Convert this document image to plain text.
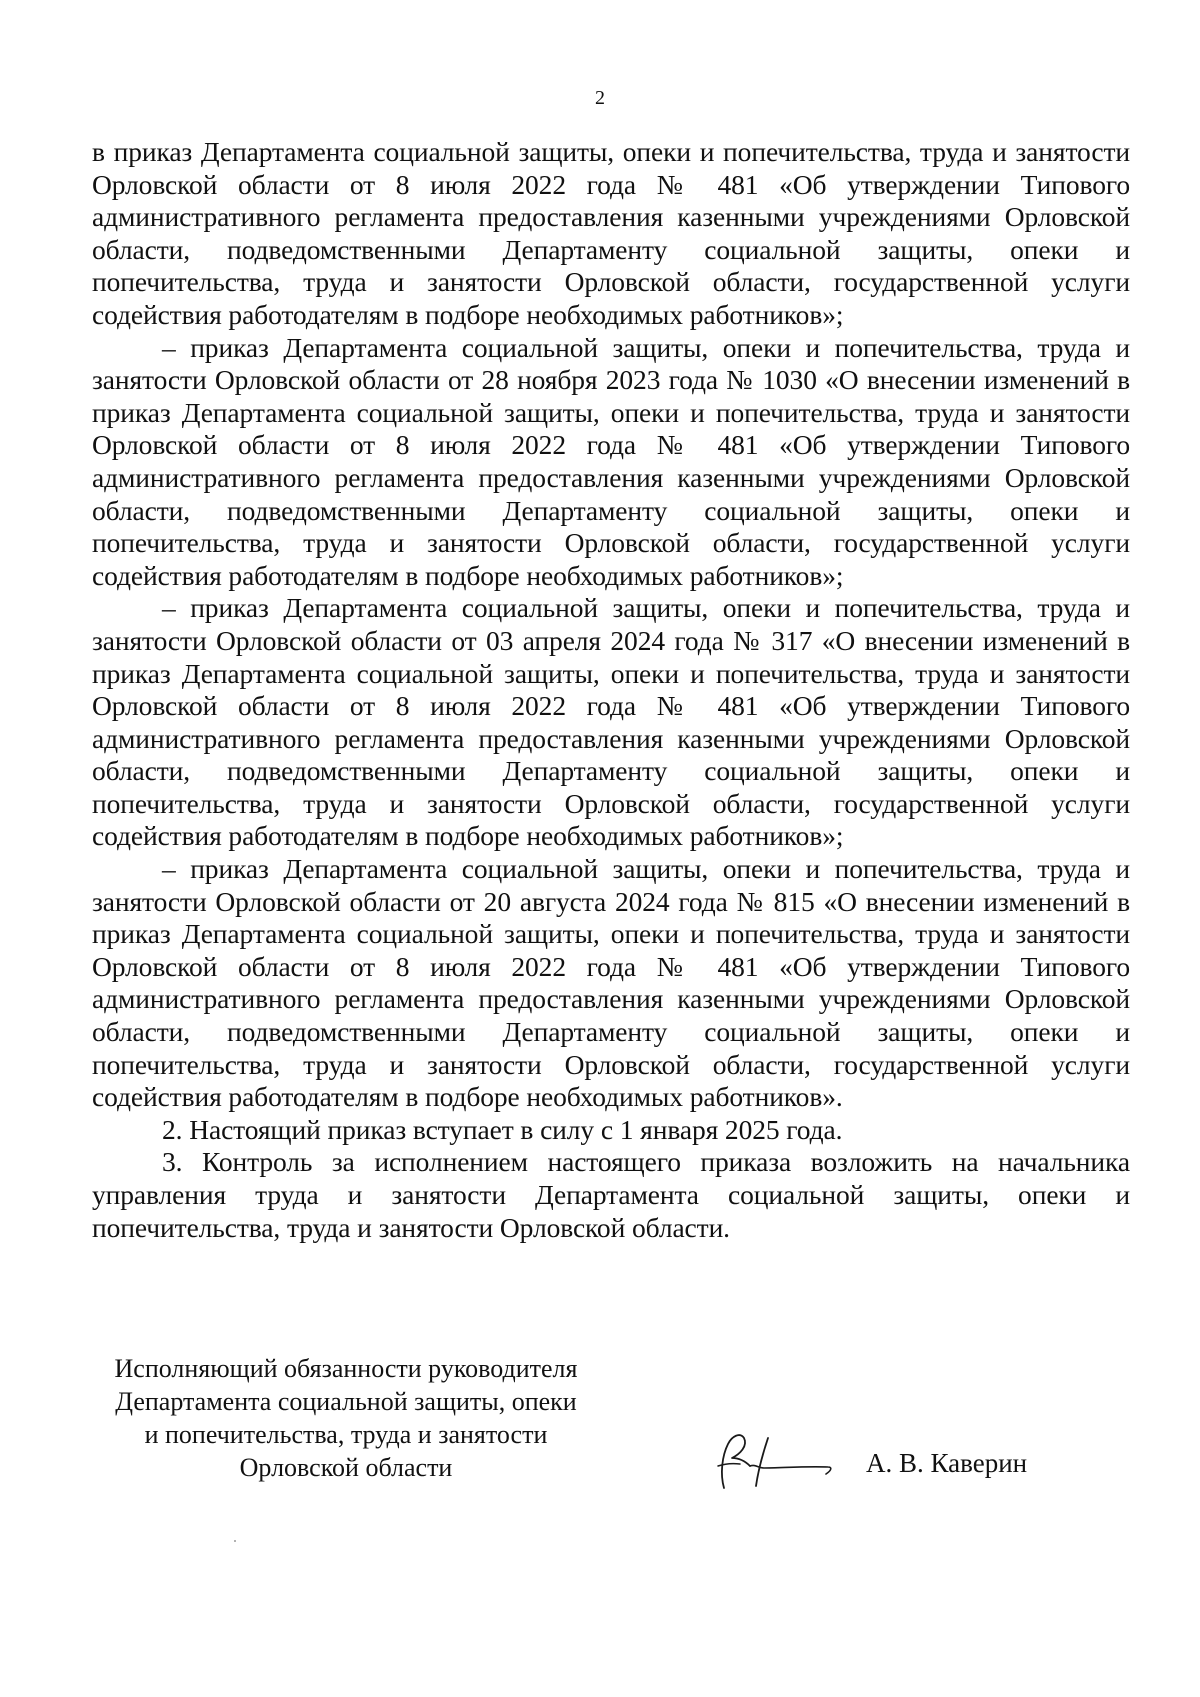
2

в приказ Департамента социальной защиты, опеки и попечительства, труда и занятости Орловской области от 8 июля 2022 года № 481 «Об утверждении Типового административного регламента предоставления казенными учреждениями Орловской области, подведомственными Департаменту социальной защиты, опеки и попечительства, труда и занятости Орловской области, государственной услуги содействия работодателям в подборе необходимых работников»;

– приказ Департамента социальной защиты, опеки и попечительства, труда и занятости Орловской области от 28 ноября 2023 года № 1030 «О внесении изменений в приказ Департамента социальной защиты, опеки и попечительства, труда и занятости Орловской области от 8 июля 2022 года № 481 «Об утверждении Типового административного регламента предоставления казенными учреждениями Орловской области, подведомственными Департаменту социальной защиты, опеки и попечительства, труда и занятости Орловской области, государственной услуги содействия работодателям в подборе необходимых работников»;

– приказ Департамента социальной защиты, опеки и попечительства, труда и занятости Орловской области от 03 апреля 2024 года № 317 «О внесении изменений в приказ Департамента социальной защиты, опеки и попечительства, труда и занятости Орловской области от 8 июля 2022 года № 481 «Об утверждении Типового административного регламента предоставления казенными учреждениями Орловской области, подведомственными Департаменту социальной защиты, опеки и попечительства, труда и занятости Орловской области, государственной услуги содействия работодателям в подборе необходимых работников»;

– приказ Департамента социальной защиты, опеки и попечительства, труда и занятости Орловской области от 20 августа 2024 года № 815 «О внесении изменений в приказ Департамента социальной защиты, опеки и попечительства, труда и занятости Орловской области от 8 июля 2022 года № 481 «Об утверждении Типового административного регламента предоставления казенными учреждениями Орловской области, подведомственными Департаменту социальной защиты, опеки и попечительства, труда и занятости Орловской области, государственной услуги содействия работодателям в подборе необходимых работников».

2. Настоящий приказ вступает в силу с 1 января 2025 года.

3. Контроль за исполнением настоящего приказа возложить на начальника управления труда и занятости Департамента социальной защиты, опеки и попечительства, труда и занятости Орловской области.

Исполняющий обязанности руководителя
Департамента социальной защиты, опеки
и попечительства, труда и занятости
Орловской области	А. В. Каверин
